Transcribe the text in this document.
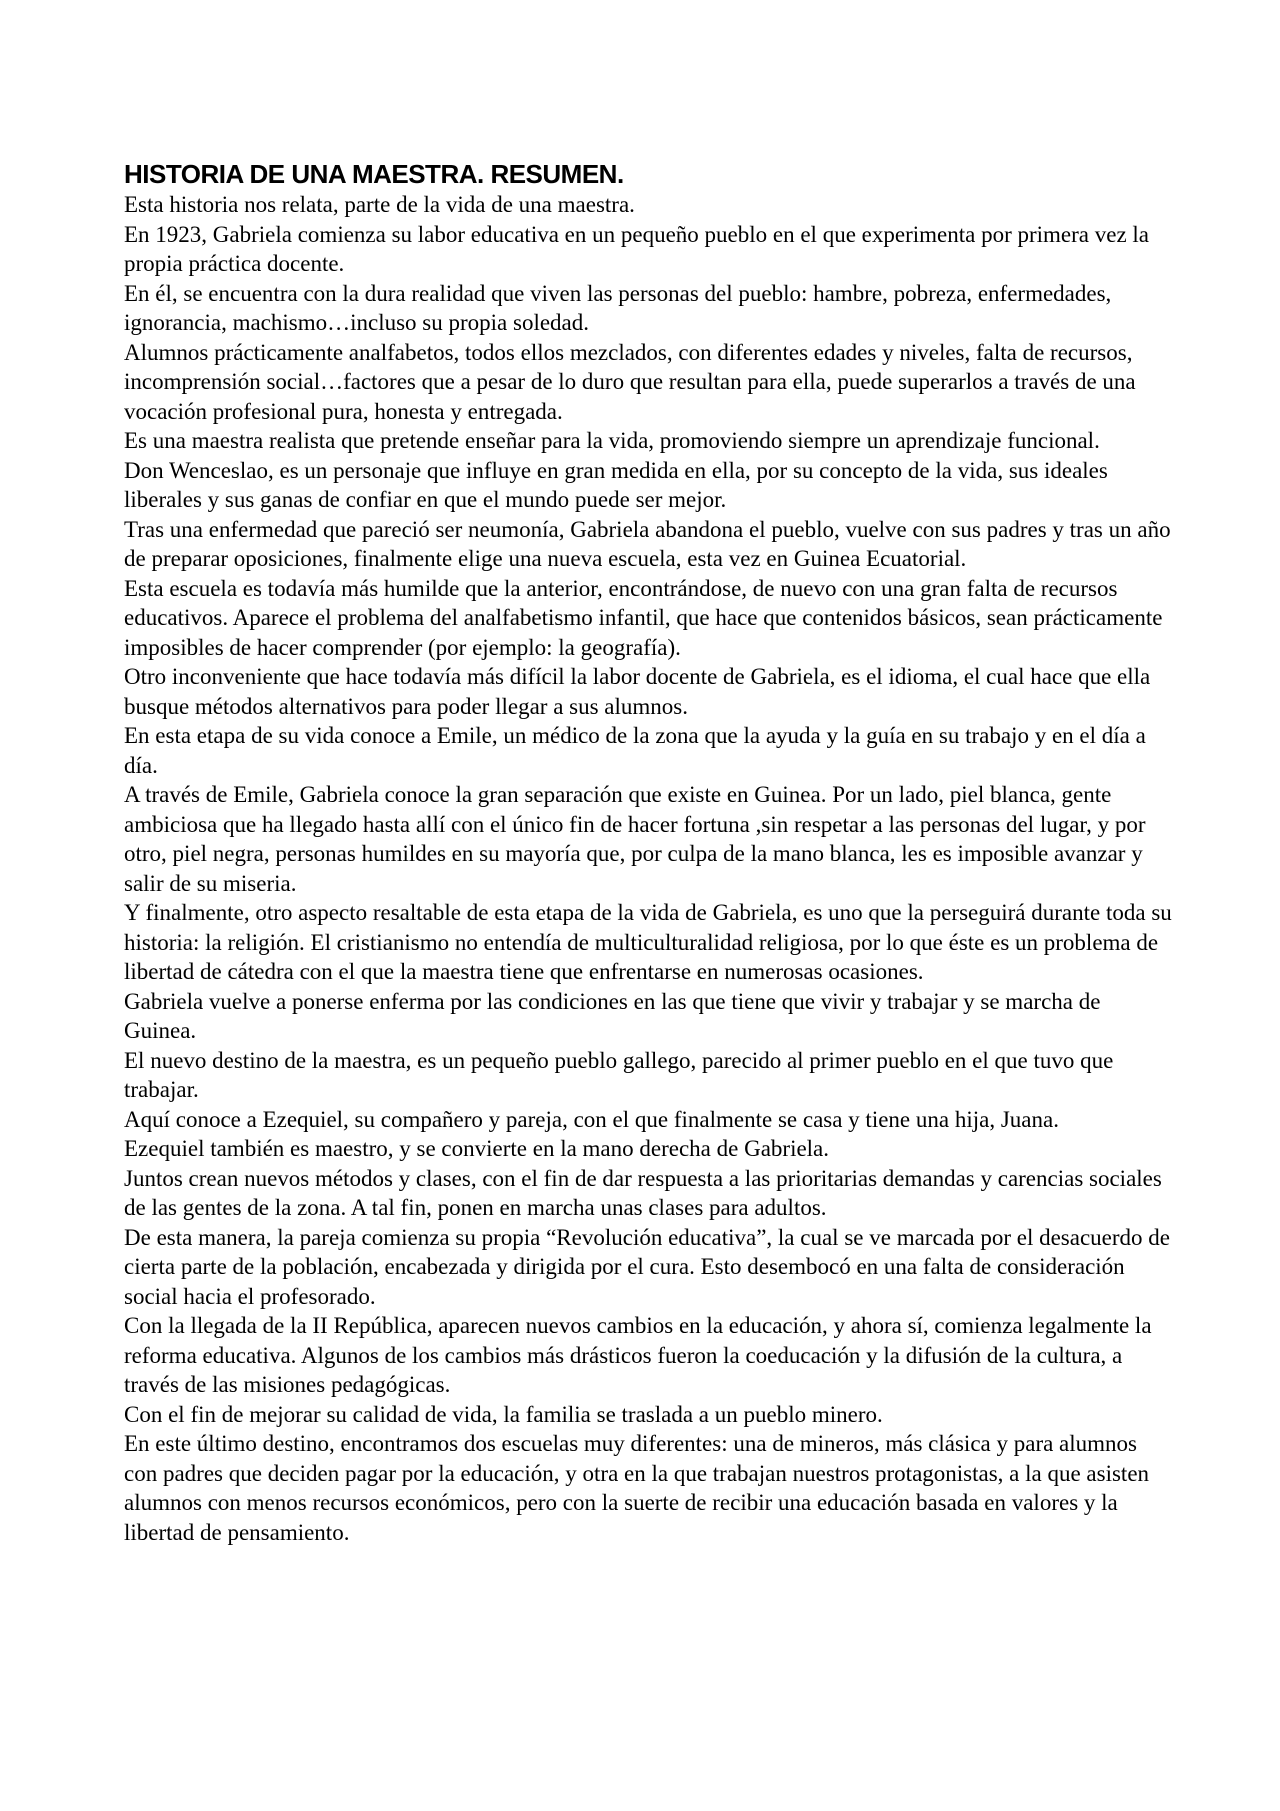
HISTORIA DE UNA MAESTRA. RESUMEN.

Esta historia nos relata, parte de la vida de una maestra.

En 1923, Gabriela comienza su labor educativa en un pequeño pueblo en el que experimenta por primera vez la propia práctica docente.

En él, se encuentra con la dura realidad que viven las personas del pueblo: hambre, pobreza, enfermedades, ignorancia, machismo…incluso su propia soledad.

Alumnos prácticamente analfabetos, todos ellos mezclados, con diferentes edades y niveles, falta de recursos, incomprensión social…factores que a pesar de lo duro que resultan para ella, puede superarlos a través de una vocación profesional pura, honesta y entregada.

Es una maestra realista que pretende enseñar para la vida, promoviendo siempre un aprendizaje funcional.

Don Wenceslao, es un personaje que influye en gran medida en ella, por su concepto de la vida, sus ideales liberales y sus ganas de confiar en que el mundo puede ser mejor.

Tras una enfermedad que pareció ser neumonía, Gabriela abandona el pueblo, vuelve con sus padres y tras un año de preparar oposiciones, finalmente elige una nueva escuela, esta vez en Guinea Ecuatorial.

Esta escuela es todavía más humilde que la anterior, encontrándose, de nuevo con una gran falta de recursos educativos. Aparece el problema del analfabetismo infantil, que hace que contenidos básicos, sean prácticamente imposibles de hacer comprender (por ejemplo: la geografía).

Otro inconveniente que hace todavía más difícil la labor docente de Gabriela, es el idioma, el cual hace que ella busque métodos alternativos para poder llegar a sus alumnos.

En esta etapa de su vida conoce a Emile, un médico de la zona que la ayuda y la guía en su trabajo y en el día a día.

A través de Emile, Gabriela conoce la gran separación que existe en Guinea. Por un lado, piel blanca, gente ambiciosa que ha llegado hasta allí con el único fin de hacer fortuna ,sin respetar a las personas del lugar, y por otro, piel negra, personas humildes en su mayoría que, por culpa de la mano blanca, les es imposible avanzar y salir de su miseria.

Y finalmente, otro aspecto resaltable de esta etapa de la vida de Gabriela, es uno que la perseguirá durante toda su historia: la religión. El cristianismo no entendía de multiculturalidad religiosa, por lo que éste es un problema de libertad de cátedra con el que la maestra tiene que enfrentarse en numerosas ocasiones.

Gabriela vuelve a ponerse enferma por las condiciones en las que tiene que vivir y trabajar y se marcha de Guinea.

El nuevo destino de la maestra, es un pequeño pueblo gallego, parecido al primer pueblo en el que tuvo que trabajar.

Aquí conoce a Ezequiel, su compañero y pareja, con el que finalmente se casa y tiene una hija, Juana.

Ezequiel también es maestro, y se convierte en la mano derecha de Gabriela.

Juntos crean nuevos métodos y clases, con el fin de dar respuesta a las prioritarias demandas y carencias sociales de las gentes de la zona. A tal fin, ponen en marcha unas clases para adultos.

De esta manera, la pareja comienza su propia “Revolución educativa”, la cual se ve marcada por el desacuerdo de cierta parte de la población, encabezada y dirigida por el cura. Esto desembocó en una falta de consideración social hacia el profesorado.

Con la llegada de la II República, aparecen nuevos cambios en la educación, y ahora sí, comienza legalmente la reforma educativa. Algunos de los cambios más drásticos fueron la coeducación y la difusión de la cultura, a través de las misiones pedagógicas.

Con el fin de mejorar su calidad de vida, la familia se traslada a un pueblo minero.

En este último destino, encontramos dos escuelas muy diferentes: una de mineros, más clásica y para alumnos con padres que deciden pagar por la educación, y otra en la que trabajan nuestros protagonistas, a la que asisten alumnos con menos recursos económicos, pero con la suerte de recibir una educación basada en valores y la libertad de pensamiento.
